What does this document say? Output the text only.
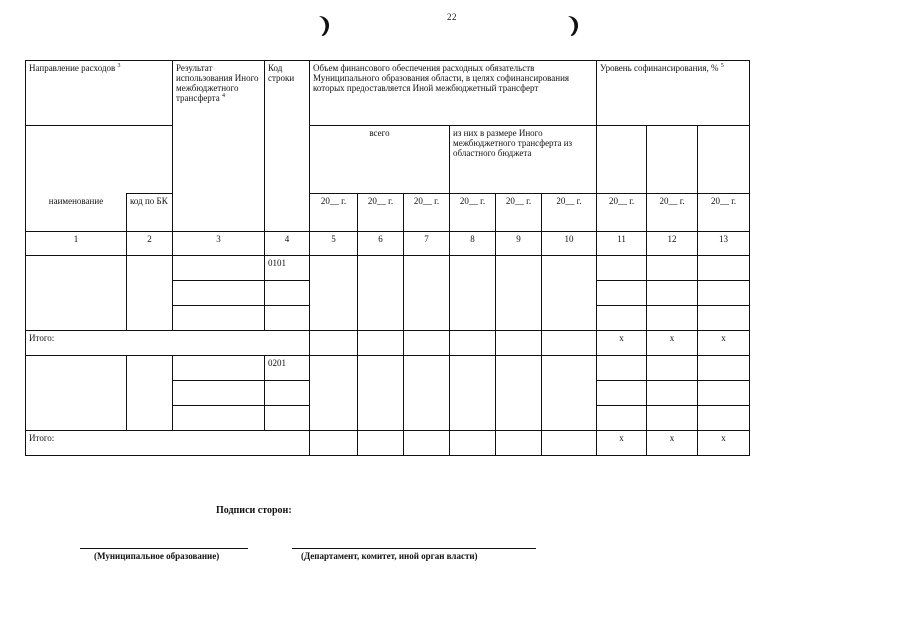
22
Направление расходов $^3$		Результат использования Иного межбюджетного трансферта $^4$	Код строки	Объем финансового обеспечения расходных обязательств Муниципального образования области, в целях софинансирования которых предоставляется Иной межбюджетный трансферт						Уровень софинансирования, % $^5$
				всего			из них в размере Иного межбюджетного трансферта из областного бюджета					
наименование	код по БК			20__ г.	20__ г.	20__ г.	20__ г.	20__ г.	20__ г.	20__ г.	20__ г.	20__ г.
1	2	3	4	5	6	7	8	9	10	11	12	13
			0101									

Итого:										x	x	x
			0201									

Итого:										x	x	x
Подписи сторон:
(Муниципальное образование)	(Департамент, комитет, иной орган власти)
